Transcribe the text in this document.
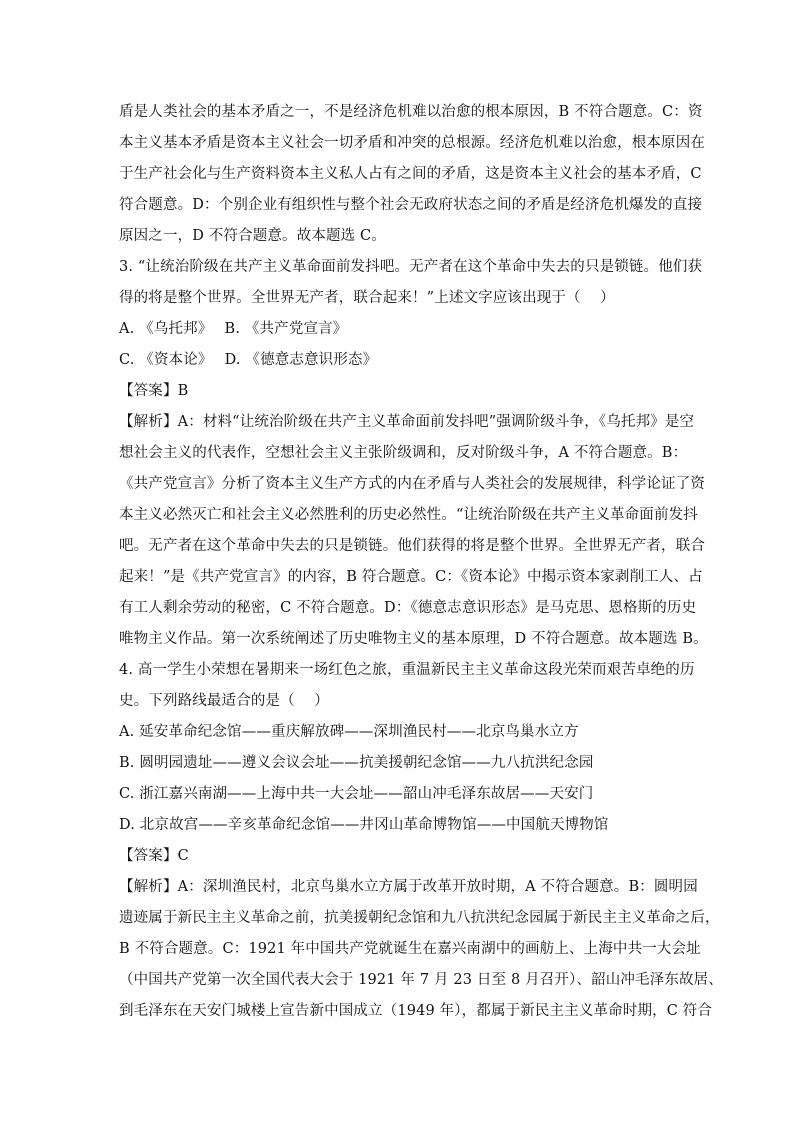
盾是人类社会的基本矛盾之一，不是经济危机难以治愈的根本原因，B 不符合题意。C：资
本主义基本矛盾是资本主义社会一切矛盾和冲突的总根源。经济危机难以治愈，根本原因在
于生产社会化与生产资料资本主义私人占有之间的矛盾，这是资本主义社会的基本矛盾，C
符合题意。D：个别企业有组织性与整个社会无政府状态之间的矛盾是经济危机爆发的直接
原因之一，D 不符合题意。故本题选 C。
3. “让统治阶级在共产主义革命面前发抖吧。无产者在这个革命中失去的只是锁链。他们获
得的将是整个世界。全世界无产者，联合起来！”上述文字应该出现于（　 ）
A. 《乌托邦》　 B. 《共产党宣言》
C. 《资本论》　 D. 《德意志意识形态》
【答案】B
【解析】A：材料“让统治阶级在共产主义革命面前发抖吧”强调阶级斗争，《乌托邦》是空
想社会主义的代表作，空想社会主义主张阶级调和，反对阶级斗争，A 不符合题意。B：
《共产党宣言》分析了资本主义生产方式的内在矛盾与人类社会的发展规律，科学论证了资
本主义必然灭亡和社会主义必然胜利的历史必然性。“让统治阶级在共产主义革命面前发抖
吧。无产者在这个革命中失去的只是锁链。他们获得的将是整个世界。全世界无产者，联合
起来！”是《共产党宣言》的内容，B 符合题意。C：《资本论》中揭示资本家剥削工人、占
有工人剩余劳动的秘密，C 不符合题意。D：《德意志意识形态》是马克思、恩格斯的历史
唯物主义作品。第一次系统阐述了历史唯物主义的基本原理，D 不符合题意。故本题选 B。
4. 高一学生小荣想在暑期来一场红色之旅，重温新民主主义革命这段光荣而艰苦卓绝的历
史。下列路线最适合的是（　 ）
A. 延安革命纪念馆——重庆解放碑——深圳渔民村——北京鸟巢水立方
B. 圆明园遗址——遵义会议会址——抗美援朝纪念馆——九八抗洪纪念园
C. 浙江嘉兴南湖——上海中共一大会址——韶山冲毛泽东故居——天安门
D. 北京故宫——辛亥革命纪念馆——井冈山革命博物馆——中国航天博物馆
【答案】C
【解析】A：深圳渔民村，北京鸟巢水立方属于改革开放时期，A 不符合题意。B：圆明园
遗迹属于新民主主义革命之前，抗美援朝纪念馆和九八抗洪纪念园属于新民主主义革命之后，
B 不符合题意。C：1921 年中国共产党就诞生在嘉兴南湖中的画舫上、上海中共一大会址
（中国共产党第一次全国代表大会于 1921 年 7 月 23 日至 8 月召开）、韶山冲毛泽东故居、
到毛泽东在天安门城楼上宣告新中国成立（1949 年），都属于新民主主义革命时期，C 符合
